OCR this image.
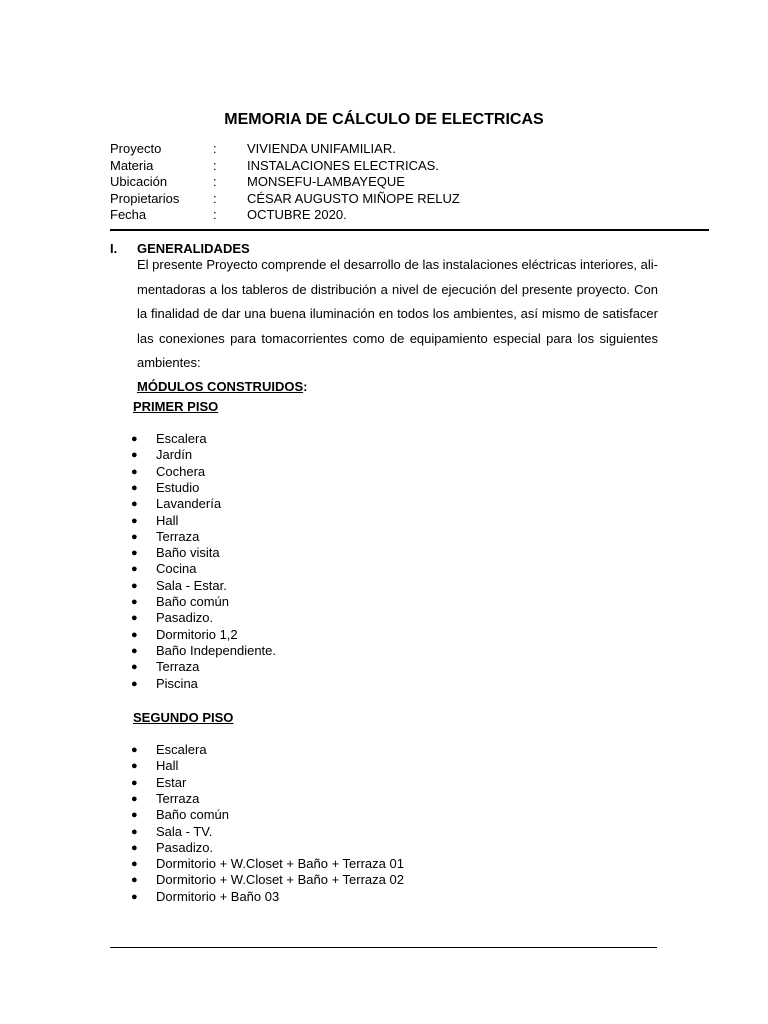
MEMORIA DE CÁLCULO DE ELECTRICAS
Proyecto	: VIVIENDA UNIFAMILIAR.
Materia	: INSTALACIONES ELECTRICAS.
Ubicación	: MONSEFU-LAMBAYEQUE
Propietarios	: CÉSAR AUGUSTO MIÑOPE RELUZ
Fecha	: OCTUBRE 2020.
I. GENERALIDADES
El presente Proyecto comprende el desarrollo de las instalaciones eléctricas interiores, ali-
mentadoras a los tableros de distribución a nivel de ejecución del presente proyecto. Con
la finalidad de dar una buena iluminación en todos los ambientes, así mismo de satisfacer
las conexiones para tomacorrientes como de equipamiento especial para los siguientes
ambientes:
MÓDULOS CONSTRUIDOS:
PRIMER PISO
● Escalera
● Jardín
● Cochera
● Estudio
● Lavandería
● Hall
● Terraza
● Baño visita
● Cocina
● Sala - Estar.
● Baño común
● Pasadizo.
● Dormitorio 1,2
● Baño Independiente.
● Terraza
● Piscina
SEGUNDO PISO
● Escalera
● Hall
● Estar
● Terraza
● Baño común
● Sala - TV.
● Pasadizo.
● Dormitorio + W.Closet + Baño + Terraza 01
● Dormitorio + W.Closet + Baño + Terraza 02
● Dormitorio + Baño 03
